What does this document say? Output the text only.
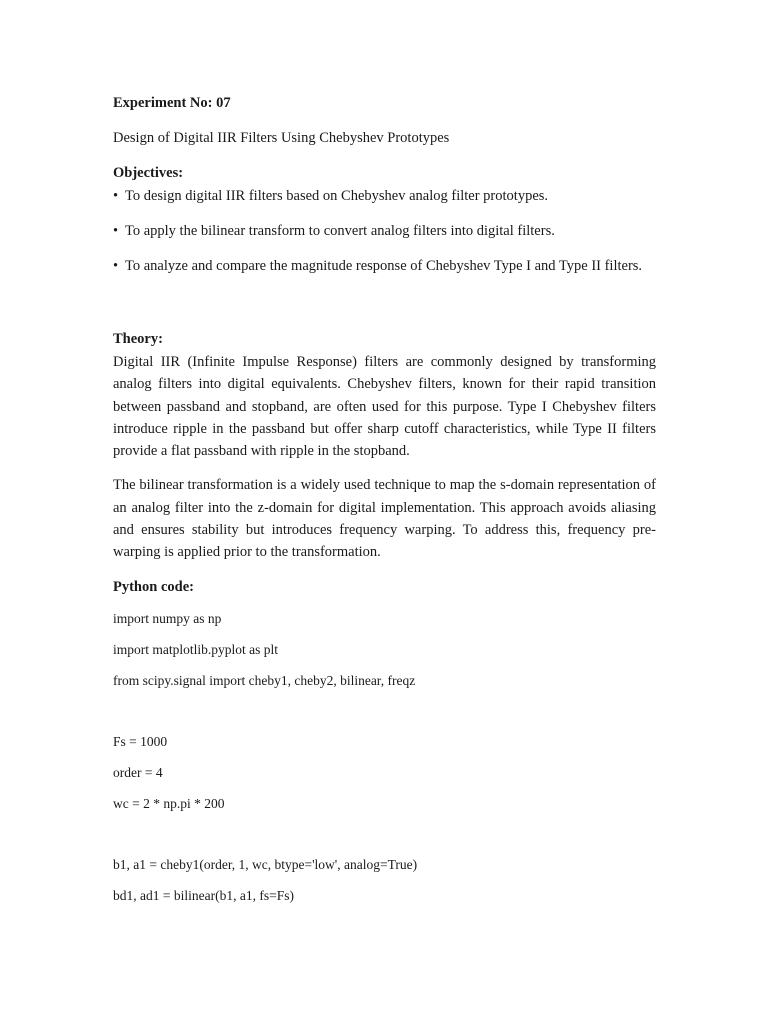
Experiment No: 07

Design of Digital IIR Filters Using Chebyshev Prototypes

Objectives:

• To design digital IIR filters based on Chebyshev analog filter prototypes.
• To apply the bilinear transform to convert analog filters into digital filters.
• To analyze and compare the magnitude response of Chebyshev Type I and Type II filters.

Theory:

Digital IIR (Infinite Impulse Response) filters are commonly designed by transforming analog filters into digital equivalents. Chebyshev filters, known for their rapid transition between passband and stopband, are often used for this purpose. Type I Chebyshev filters introduce ripple in the passband but offer sharp cutoff characteristics, while Type II filters provide a flat passband with ripple in the stopband.

The bilinear transformation is a widely used technique to map the s-domain representation of an analog filter into the z-domain for digital implementation. This approach avoids aliasing and ensures stability but introduces frequency warping. To address this, frequency pre-warping is applied prior to the transformation.

Python code:

import numpy as np

import matplotlib.pyplot as plt

from scipy.signal import cheby1, cheby2, bilinear, freqz

Fs = 1000

order = 4

wc = 2 * np.pi * 200

b1, a1 = cheby1(order, 1, wc, btype='low', analog=True)

bd1, ad1 = bilinear(b1, a1, fs=Fs)
